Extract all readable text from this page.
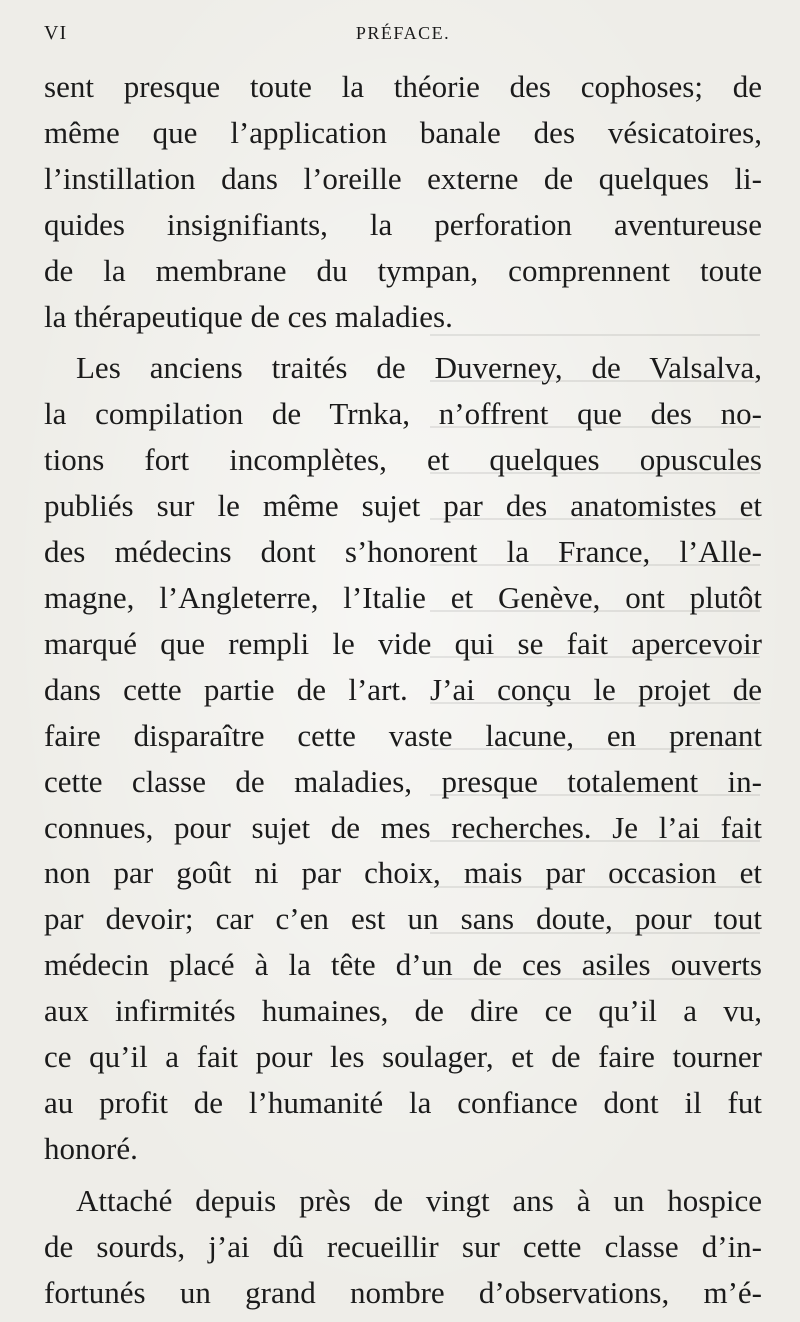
VI	PRÉFACE.
sent presque toute la théorie des cophoses; de
même que l’application banale des vésicatoires,
l’instillation dans l’oreille externe de quelques li-
quides insignifiants, la perforation aventureuse
de la membrane du tympan, comprennent toute
la thérapeutique de ces maladies.
Les anciens traités de Duverney, de Valsalva,
la compilation de Trnka, n’offrent que des no-
tions fort incomplètes, et quelques opuscules
publiés sur le même sujet par des anatomistes et
des médecins dont s’honorent la France, l’Alle-
magne, l’Angleterre, l’Italie et Genève, ont plutôt
marqué que rempli le vide qui se fait apercevoir
dans cette partie de l’art. J’ai conçu le projet de
faire disparaître cette vaste lacune, en prenant
cette classe de maladies, presque totalement in-
connues, pour sujet de mes recherches. Je l’ai fait
non par goût ni par choix, mais par occasion et
par devoir; car c’en est un sans doute, pour tout
médecin placé à la tête d’un de ces asiles ouverts
aux infirmités humaines, de dire ce qu’il a vu,
ce qu’il a fait pour les soulager, et de faire tourner
au profit de l’humanité la confiance dont il fut
honoré.
Attaché depuis près de vingt ans à un hospice
de sourds, j’ai dû recueillir sur cette classe d’in-
fortunés un grand nombre d’observations, m’é-
